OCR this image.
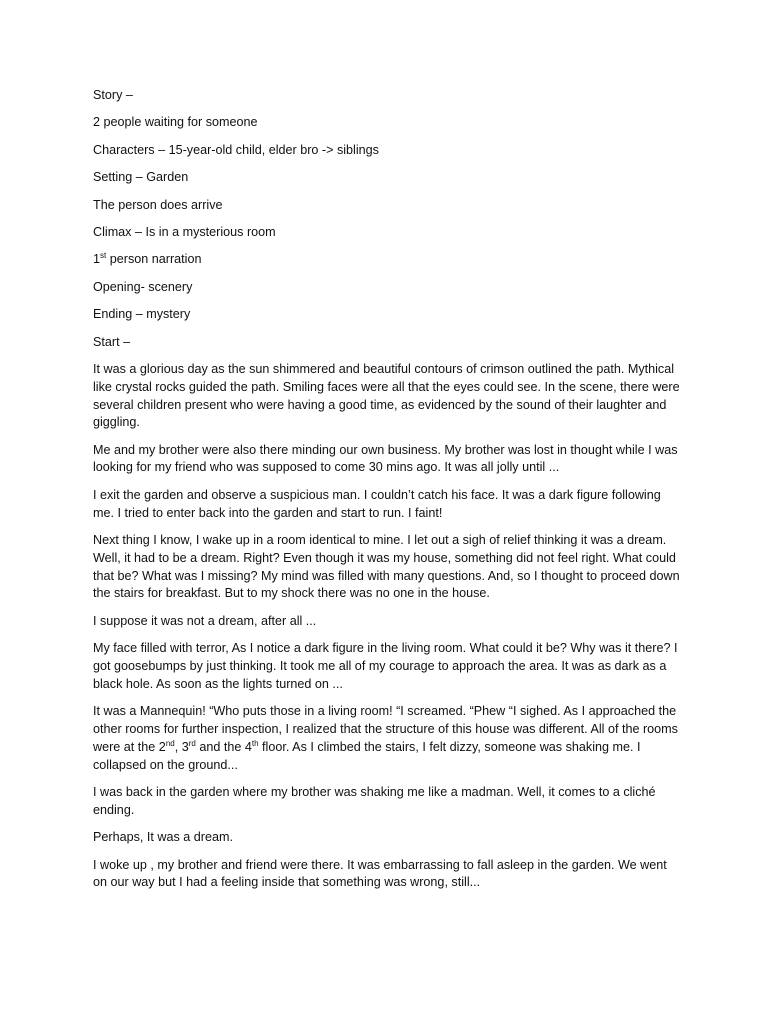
Story –

2 people waiting for someone

Characters – 15-year-old child, elder bro -> siblings

Setting – Garden

The person does arrive

Climax – Is in a mysterious room

1st person narration

Opening- scenery

Ending – mystery

Start –

It was a glorious day as the sun shimmered and beautiful contours of crimson outlined the path. Mythical like crystal rocks guided the path. Smiling faces were all that the eyes could see. In the scene, there were several children present who were having a good time, as evidenced by the sound of their laughter and giggling.

Me and my brother were also there minding our own business. My brother was lost in thought while I was looking for my friend who was supposed to come 30 mins ago. It was all jolly until ...

I exit the garden and observe a suspicious man. I couldn’t catch his face. It was a dark figure following me. I tried to enter back into the garden and start to run. I faint!

Next thing I know, I wake up in a room identical to mine. I let out a sigh of relief thinking it was a dream. Well, it had to be a dream. Right? Even though it was my house, something did not feel right. What could that be? What was I missing? My mind was filled with many questions. And, so I thought to proceed down the stairs for breakfast. But to my shock there was no one in the house.

I suppose it was not a dream, after all ...

My face filled with terror, As I notice a dark figure in the living room. What could it be? Why was it there? I got goosebumps by just thinking. It took me all of my courage to approach the area. It was as dark as a black hole. As soon as the lights turned on ...

It was a Mannequin! “Who puts those in a living room! “I screamed. “Phew “I sighed. As I approached the other rooms for further inspection, I realized that the structure of this house was different. All of the rooms were at the 2nd, 3rd and the 4th floor. As I climbed the stairs, I felt dizzy, someone was shaking me. I collapsed on the ground...

I was back in the garden where my brother was shaking me like a madman. Well, it comes to a cliché ending.

Perhaps, It was a dream.

I woke up , my brother and friend were there. It was embarrassing to fall asleep in the garden. We went on our way but I had a feeling inside that something was wrong, still...
